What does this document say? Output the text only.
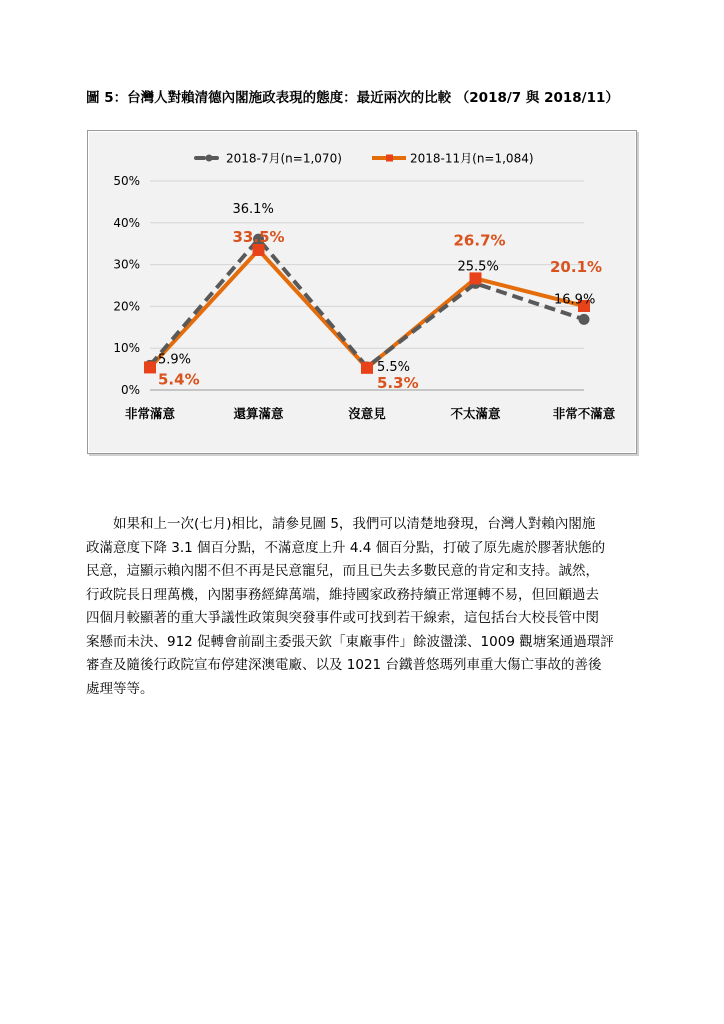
圖 5：台灣人對賴清德內閣施政表現的態度：最近兩次的比較 （2018/7 與 2018/11）
0%
10%
20%
30%
40%
50%
非常滿意	還算滿意	沒意見	不太滿意	非常不滿意
2018-7月(n=1,070)	2018-11月(n=1,084)
5.9%
36.1%
5.5%
25.5%
16.9%
5.4%
33.5%
5.3%
26.7%
20.1%
如果和上一次(七月)相比，請參見圖 5，我們可以清楚地發現，台灣人對賴內閣施
政滿意度下降 3.1 個百分點，不滿意度上升 4.4 個百分點，打破了原先處於膠著狀態的
民意，這顯示賴內閣不但不再是民意寵兒，而且已失去多數民意的肯定和支持。誠然，
行政院長日理萬機，內閣事務經緯萬端，維持國家政務持續正常運轉不易，但回顧過去
四個月較顯著的重大爭議性政策與突發事件或可找到若干線索，這包括台大校長管中閔
案懸而未決、912 促轉會前副主委張天欽「東廠事件」餘波盪漾、1009 觀塘案通過環評
審查及隨後行政院宣布停建深澳電廠、以及 1021 台鐵普悠瑪列車重大傷亡事故的善後
處理等等。
